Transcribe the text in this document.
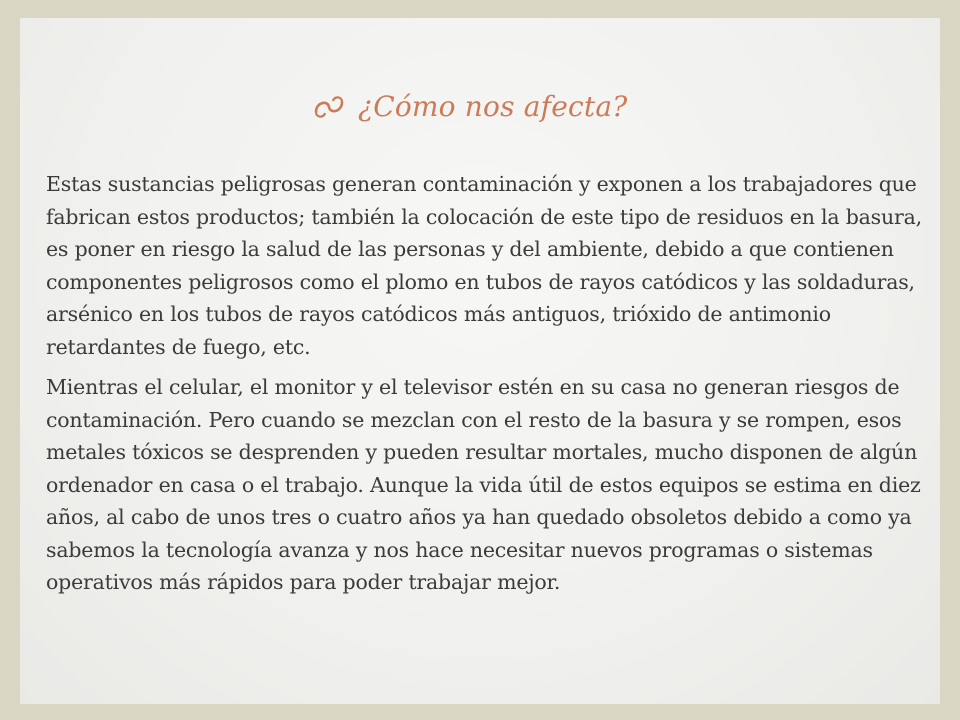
¿Cómo nos afecta?

Estas sustancias peligrosas generan contaminación y exponen a los trabajadores que fabrican estos productos; también la colocación de este tipo de residuos en la basura, es poner en riesgo la salud de las personas y del ambiente, debido a que contienen componentes peligrosos como el plomo en tubos de rayos catódicos y las soldaduras, arsénico en los tubos de rayos catódicos más antiguos, trióxido de antimonio retardantes de fuego, etc.

Mientras el celular, el monitor y el televisor estén en su casa no generan riesgos de contaminación. Pero cuando se mezclan con el resto de la basura y se rompen, esos metales tóxicos se desprenden y pueden resultar mortales, mucho disponen de algún ordenador en casa o el trabajo. Aunque la vida útil de estos equipos se estima en diez años, al cabo de unos tres o cuatro años ya han quedado obsoletos debido a como ya sabemos la tecnología avanza y nos hace necesitar nuevos programas o sistemas operativos más rápidos para poder trabajar mejor.
